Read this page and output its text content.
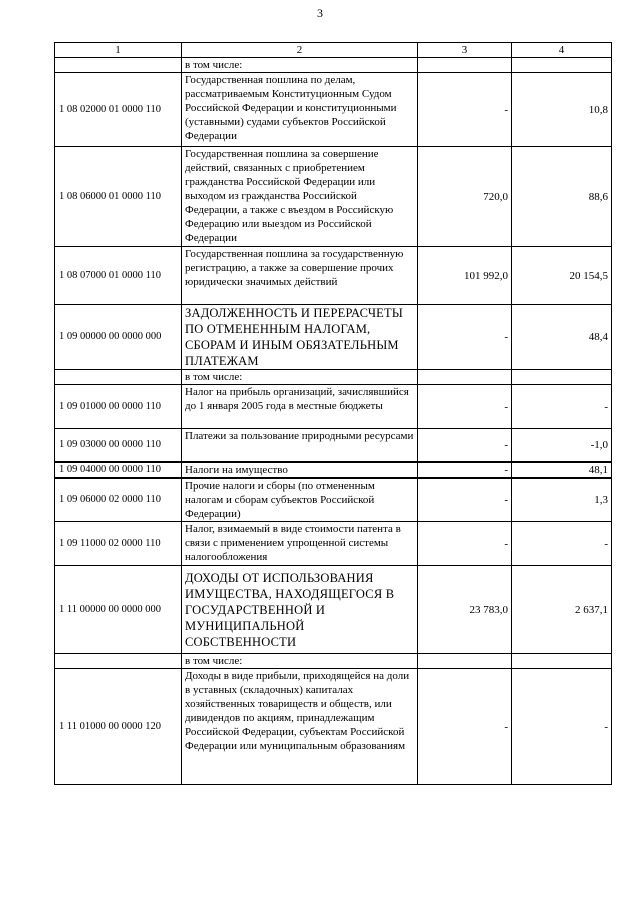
3
1	2	3	4
	в том числе:		
1 08 02000 01 0000 110	Государственная пошлина по делам, рассматриваемым Конституционным Судом Российской Федерации и конституционными (уставными) судами субъектов Российской Федерации	-	10,8
1 08 06000 01 0000 110	Государственная пошлина за совершение действий, связанных с приобретением гражданства Российской Федерации или выходом из гражданства Российской Федерации, а также с въездом в Российскую Федерацию или выездом из Российской Федерации	720,0	88,6
1 08 07000 01 0000 110	Государственная пошлина за государственную регистрацию, а также за совершение прочих юридически значимых действий	101 992,0	20 154,5
1 09 00000 00 0000 000	ЗАДОЛЖЕННОСТЬ И ПЕРЕРАСЧЕТЫ ПО ОТМЕНЕННЫМ НАЛОГАМ, СБОРАМ И ИНЫМ ОБЯЗАТЕЛЬНЫМ ПЛАТЕЖАМ	-	48,4
	в том числе:		
1 09 01000 00 0000 110	Налог на прибыль организаций, зачислявшийся до 1 января 2005 года в местные бюджеты	-	-
1 09 03000 00 0000 110	Платежи за пользование природными ресурсами	-	-1,0
1 09 04000 00 0000 110	Налоги на имущество	-	48,1
1 09 06000 02 0000 110	Прочие налоги и сборы (по отмененным налогам и сборам субъектов Российской Федерации)	-	1,3
1 09 11000 02 0000 110	Налог, взимаемый в виде стоимости патента в связи с применением упрощенной системы налогообложения	-	-
1 11 00000 00 0000 000	ДОХОДЫ ОТ ИСПОЛЬЗОВАНИЯ ИМУЩЕСТВА, НАХОДЯЩЕГОСЯ В ГОСУДАРСТВЕННОЙ И МУНИЦИПАЛЬНОЙ СОБСТВЕННОСТИ	23 783,0	2 637,1
	в том числе:		
1 11 01000 00 0000 120	Доходы в виде прибыли, приходящейся на доли в уставных (складочных) капиталах хозяйственных товариществ и обществ, или дивидендов по акциям, принадлежащим Российской Федерации, субъектам Российской Федерации или муниципальным образованиям	-	-
